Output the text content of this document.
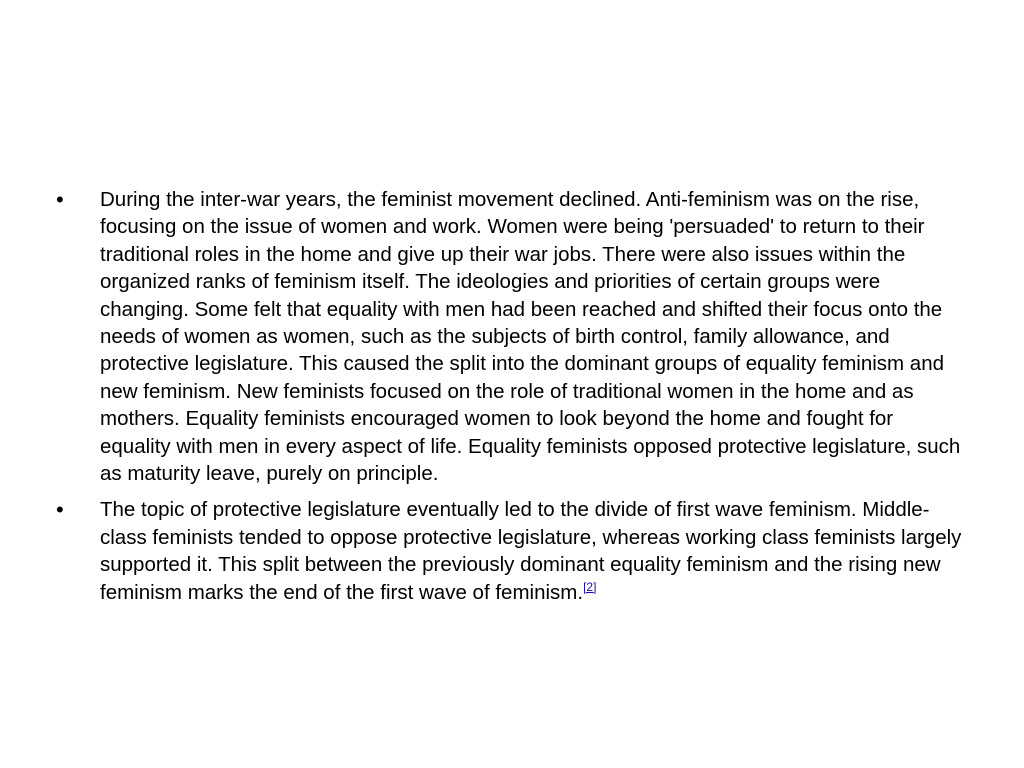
•	During the inter-war years, the feminist movement declined. Anti-feminism was on the rise, focusing on the issue of women and work. Women were being 'persuaded' to return to their traditional roles in the home and give up their war jobs. There were also issues within the organized ranks of feminism itself. The ideologies and priorities of certain groups were changing. Some felt that equality with men had been reached and shifted their focus onto the needs of women as women, such as the subjects of birth control, family allowance, and protective legislature. This caused the split into the dominant groups of equality feminism and new feminism. New feminists focused on the role of traditional women in the home and as mothers. Equality feminists encouraged women to look beyond the home and fought for equality with men in every aspect of life. Equality feminists opposed protective legislature, such as maturity leave, purely on principle.
•	The topic of protective legislature eventually led to the divide of first wave feminism. Middle-class feminists tended to oppose protective legislature, whereas working class feminists largely supported it. This split between the previously dominant equality feminism and the rising new feminism marks the end of the first wave of feminism.[2]
